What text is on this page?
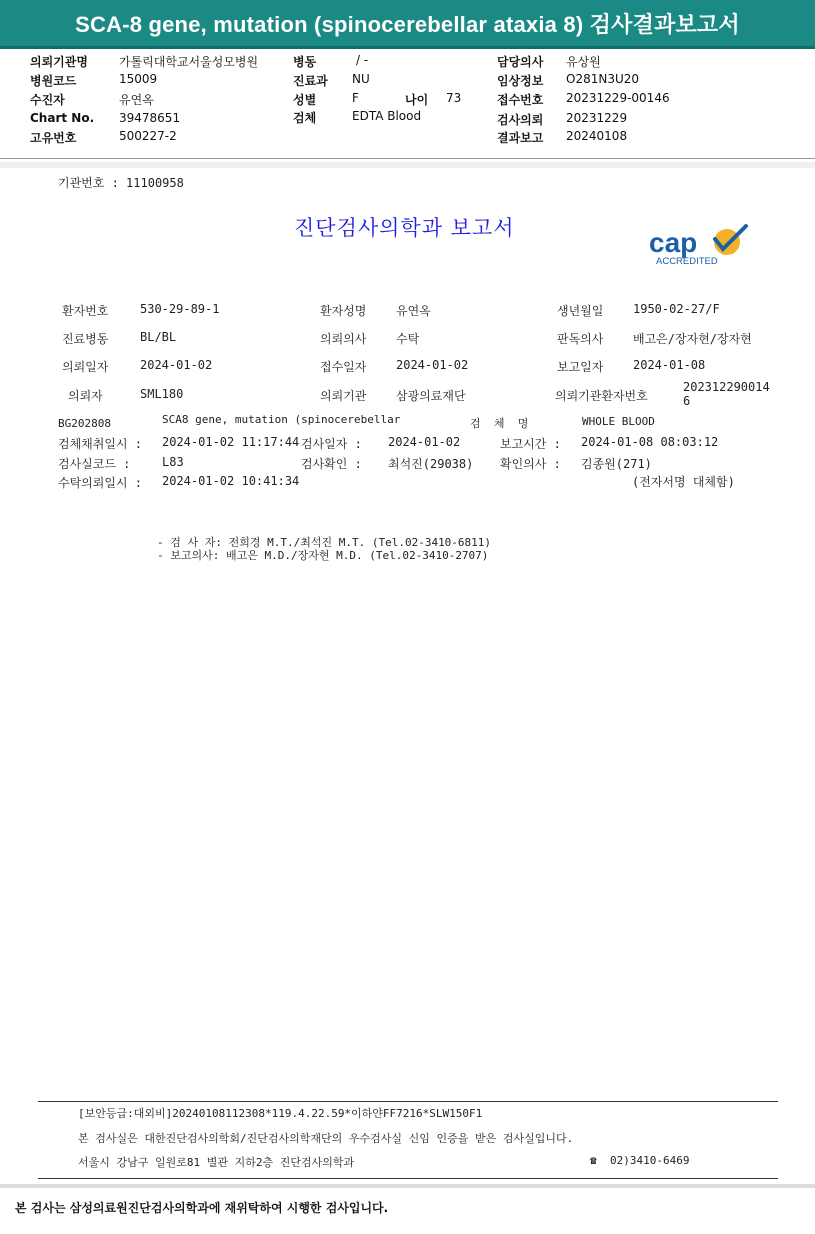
SCA-8 gene, mutation (spinocerebellar ataxia 8) 검사결과보고서
의뢰기관명	가톨릭대학교서울성모병원
병원코드	15009
수진자	유연옥
Chart No. 39478651
고유번호	500227-2
병동	/ -
진료과 NU
성별	F	나이 73
검체	EDTA Blood
담당의사 유상원
임상정보 O281N3U20
접수번호 20231229-00146
검사의뢰 20231229
결과보고 20240108
기관번호 : 11100958
진단검사의학과 보고서	cap
ACCREDITED
환자번호	530-29-89-1	환자성명 유연옥	생년월일 1950-02-27/F
진료병동	BL/BL	의뢰의사 수탁	판독의사 배고은/장자현/장자현
의뢰일자	2024-01-02	접수일자 2024-01-02	보고일자 2024-01-08
의뢰자	SML180	의뢰기관 삼광의료재단	의뢰기관환자번호
202312290014
6
BG202808	SCA8 gene, mutation (spinocerebellar	검  체  명	WHOLE BLOOD
검체채취일시 : 2024-01-02 11:17:44 검사일자 : 2024-01-02	보고시간 : 2024-01-08 08:03:12
검사실코드 :	L83	검사확인 : 최석진(29038) 확인의사 : 김종원(271)
수탁의뢰일시 : 2024-01-02 10:41:34	(전자서명 대체함)
- 검 사 자: 전희경 M.T./최석진 M.T. (Tel.02-3410-6811)
- 보고의사: 배고은 M.D./장자현 M.D. (Tel.02-3410-2707)
[보안등급:대외비]20240108112308*119.4.22.59*이하얀FF7216*SLW150F1
본 검사실은 대한진단검사의학회/진단검사의학재단의 우수검사실 신임 인증을 받은 검사실입니다.
서울시 강남구 일원로81 별관 지하2층 진단검사의학과	☎ 02)3410-6469
본 검사는 삼성의료원진단검사의학과에 재위탁하여 시행한 검사입니다.
